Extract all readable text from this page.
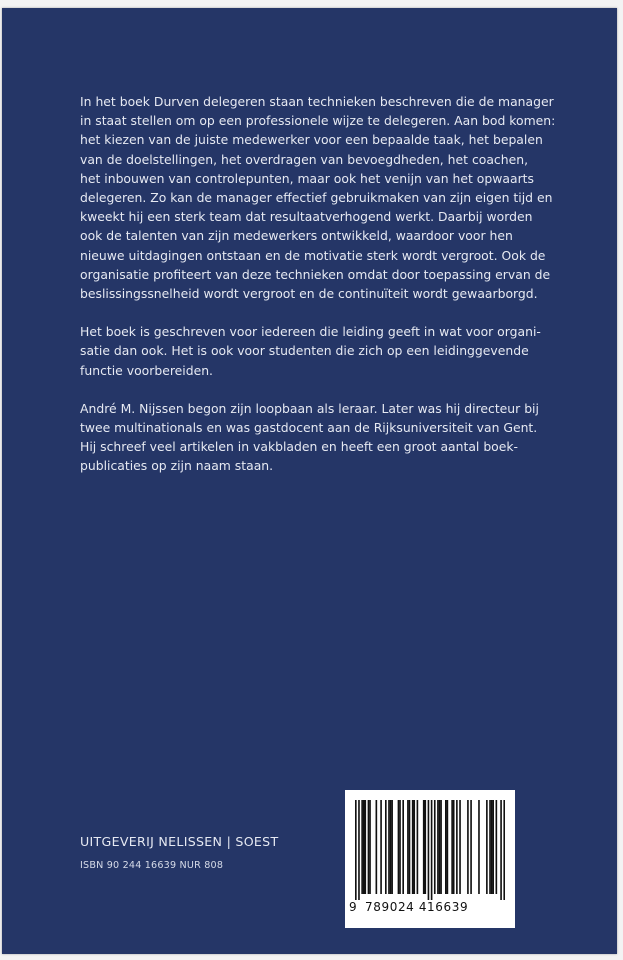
In het boek Durven delegeren staan technieken beschreven die de manager
in staat stellen om op een professionele wijze te delegeren. Aan bod komen:
het kiezen van de juiste medewerker voor een bepaalde taak, het bepalen
van de doelstellingen, het overdragen van bevoegdheden, het coachen,
het inbouwen van controlepunten, maar ook het venijn van het opwaarts
delegeren. Zo kan de manager effectief gebruikmaken van zijn eigen tijd en
kweekt hij een sterk team dat resultaatverhogend werkt. Daarbij worden
ook de talenten van zijn medewerkers ontwikkeld, waardoor voor hen
nieuwe uitdagingen ontstaan en de motivatie sterk wordt vergroot. Ook de
organisatie profiteert van deze technieken omdat door toepassing ervan de
beslissingssnelheid wordt vergroot en de continuïteit wordt gewaarborgd.

Het boek is geschreven voor iedereen die leiding geeft in wat voor organi-
satie dan ook. Het is ook voor studenten die zich op een leidinggevende
functie voorbereiden.

André M. Nijssen begon zijn loopbaan als leraar. Later was hij directeur bij
twee multinationals en was gastdocent aan de Rijksuniversiteit van Gent.
Hij schreef veel artikelen in vakbladen en heeft een groot aantal boek-
publicaties op zijn naam staan.

UITGEVERIJ NELISSEN | SOEST
ISBN 90 244 16639 NUR 808
9 789024 416639
